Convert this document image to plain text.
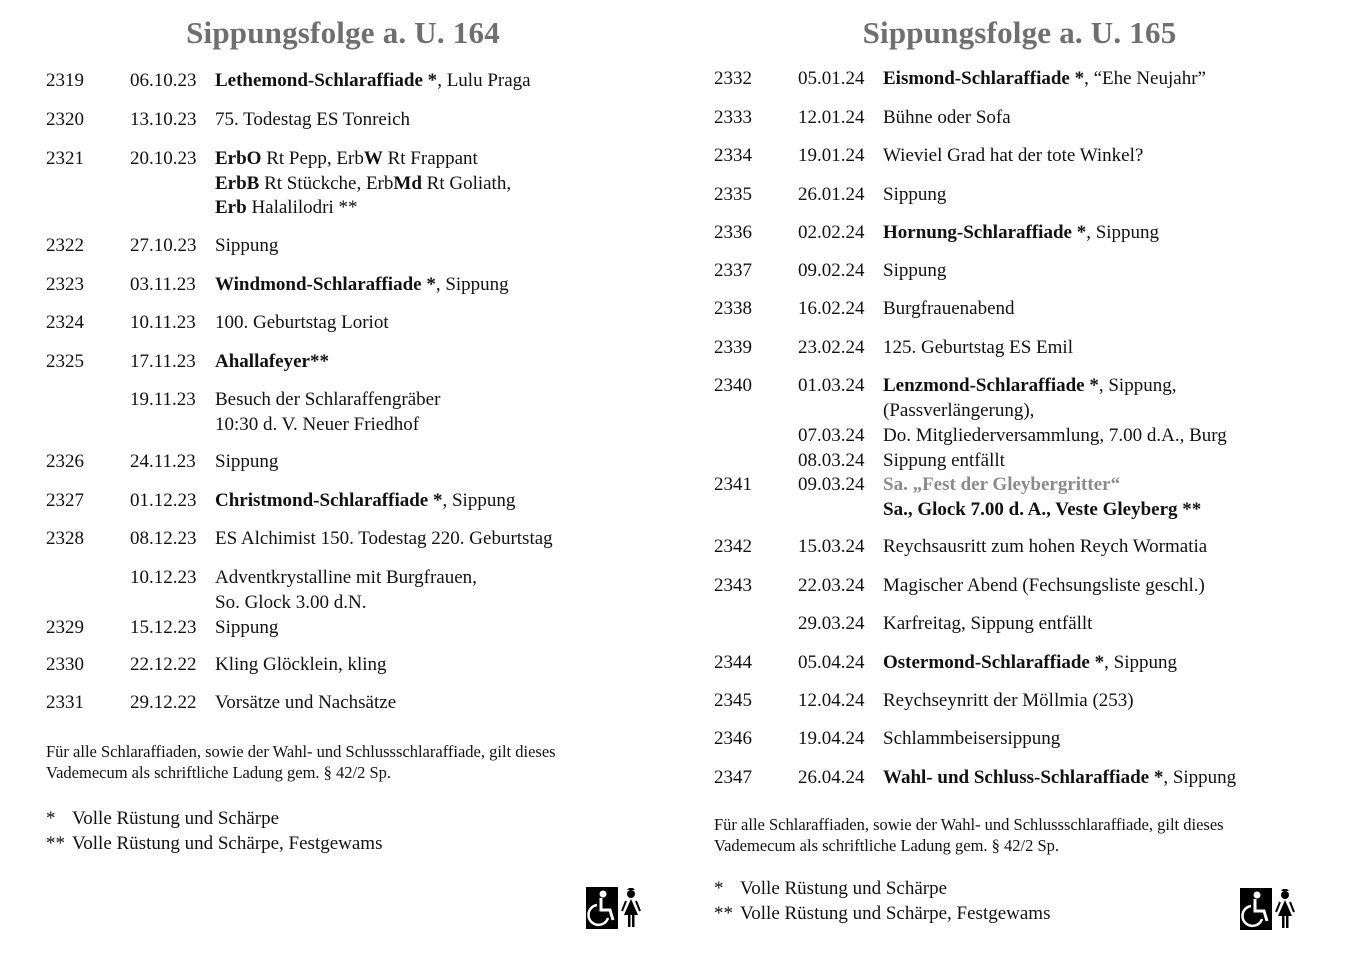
Sippungsfolge a. U. 164
2319 06.10.23 Lethemond-Schlaraffiade *, Lulu Praga
2320 13.10.23 75. Todestag ES Tonreich
2321 20.10.23 ErbO Rt Pepp, ErbW Rt Frappant
ErbB Rt Stückche, ErbMd Rt Goliath,
Erb Halalilodri **
2322 27.10.23 Sippung
2323 03.11.23 Windmond-Schlaraffiade *, Sippung
2324 10.11.23 100. Geburtstag Loriot
2325 17.11.23 Ahallafeyer**
19.11.23 Besuch der Schlaraffengräber
10:30 d. V. Neuer Friedhof
2326 24.11.23 Sippung
2327 01.12.23 Christmond-Schlaraffiade *, Sippung
2328 08.12.23 ES Alchimist 150. Todestag 220. Geburtstag
10.12.23 Adventkrystalline mit Burgfrauen,
So. Glock 3.00 d.N.
2329 15.12.23 Sippung
2330 22.12.22 Kling Glöcklein, kling
2331 29.12.22 Vorsätze und Nachsätze
Für alle Schlaraffiaden, sowie der Wahl- und Schlussschlaraffiade, gilt dieses
Vademecum als schriftliche Ladung gem. § 42/2 Sp.
* Volle Rüstung und Schärpe
** Volle Rüstung und Schärpe, Festgewams
Sippungsfolge a. U. 165
2332 05.01.24 Eismond-Schlaraffiade *, “Ehe Neujahr”
2333 12.01.24 Bühne oder Sofa
2334 19.01.24 Wieviel Grad hat der tote Winkel?
2335 26.01.24 Sippung
2336 02.02.24 Hornung-Schlaraffiade *, Sippung
2337 09.02.24 Sippung
2338 16.02.24 Burgfrauenabend
2339 23.02.24 125. Geburtstag ES Emil
2340 01.03.24 Lenzmond-Schlaraffiade *, Sippung,
(Passverlängerung),
07.03.24 Do. Mitgliederversammlung, 7.00 d.A., Burg
08.03.24 Sippung entfällt
2341 09.03.24 Sa. „Fest der Gleybergritter“
Sa., Glock 7.00 d. A., Veste Gleyberg **
2342 15.03.24 Reychsausritt zum hohen Reych Wormatia
2343 22.03.24 Magischer Abend (Fechsungsliste geschl.)
29.03.24 Karfreitag, Sippung entfällt
2344 05.04.24 Ostermond-Schlaraffiade *, Sippung
2345 12.04.24 Reychseynritt der Möllmia (253)
2346 19.04.24 Schlammbeisersippung
2347 26.04.24 Wahl- und Schluss-Schlaraffiade *, Sippung
Für alle Schlaraffiaden, sowie der Wahl- und Schlussschlaraffiade, gilt dieses
Vademecum als schriftliche Ladung gem. § 42/2 Sp.
* Volle Rüstung und Schärpe
** Volle Rüstung und Schärpe, Festgewams
